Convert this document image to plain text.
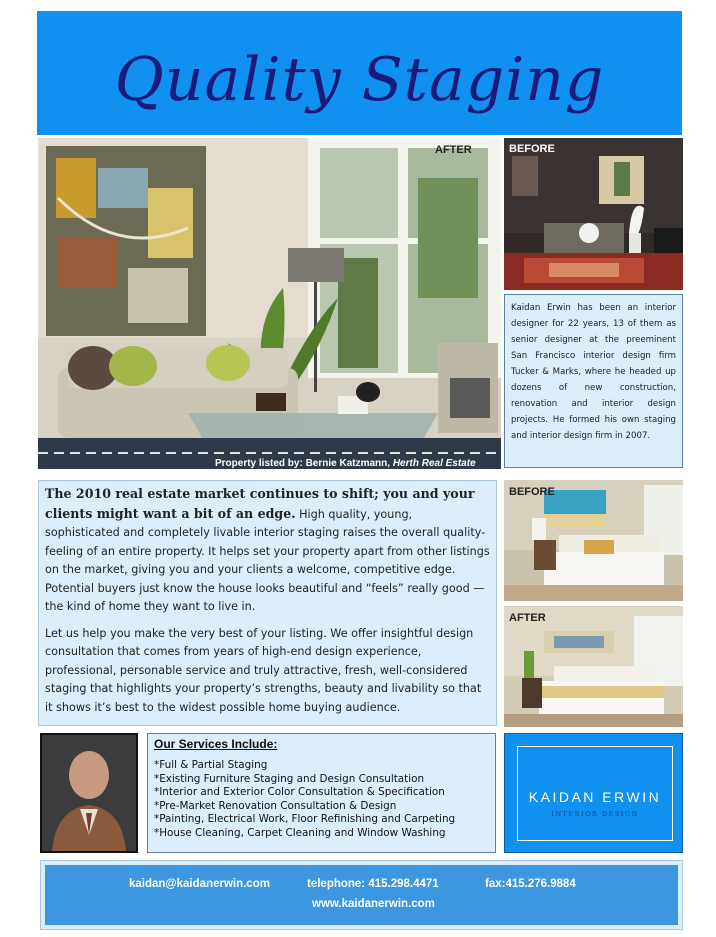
Quality Staging
AFTER
Property listed by: Bernie Katzmann, Herth Real Estate
BEFORE

Kaidan Erwin has been an interior designer for 22 years, 13 of them as senior designer at the preeminent San Francisco interior design firm Tucker & Marks, where he headed up dozens of new construction, renovation and interior design projects. He formed his own staging and interior design firm in 2007.

The 2010 real estate market continues to shift; you and your clients might want a bit of an edge. High quality, young, sophisticated and completely livable interior staging raises the overall quality-feeling of an entire property. It helps set your property apart from other listings on the market, giving you and your clients a welcome, competitive edge. Potential buyers just know the house looks beautiful and “feels” really good — the kind of home they want to live in.

Let us help you make the very best of your listing. We offer insightful design consultation that comes from years of high-end design experience, professional, personable service and truly attractive, fresh, well-considered staging that highlights your property’s strengths, beauty and livability so that it shows it’s best to the widest possible home buying audience.

BEFORE
AFTER
Our Services Include:
*Full & Partial Staging
*Existing Furniture Staging and Design Consultation
*Interior and Exterior Color Consultation & Specification
*Pre-Market Renovation Consultation & Design
*Painting, Electrical Work, Floor Refinishing and Carpeting
*House Cleaning, Carpet Cleaning and Window Washing
KAIDAN ERWIN
INTERIOR DESIGN
kaidan@kaidanerwin.com	telephone: 415.298.4471	fax:415.276.9884
www.kaidanerwin.com
